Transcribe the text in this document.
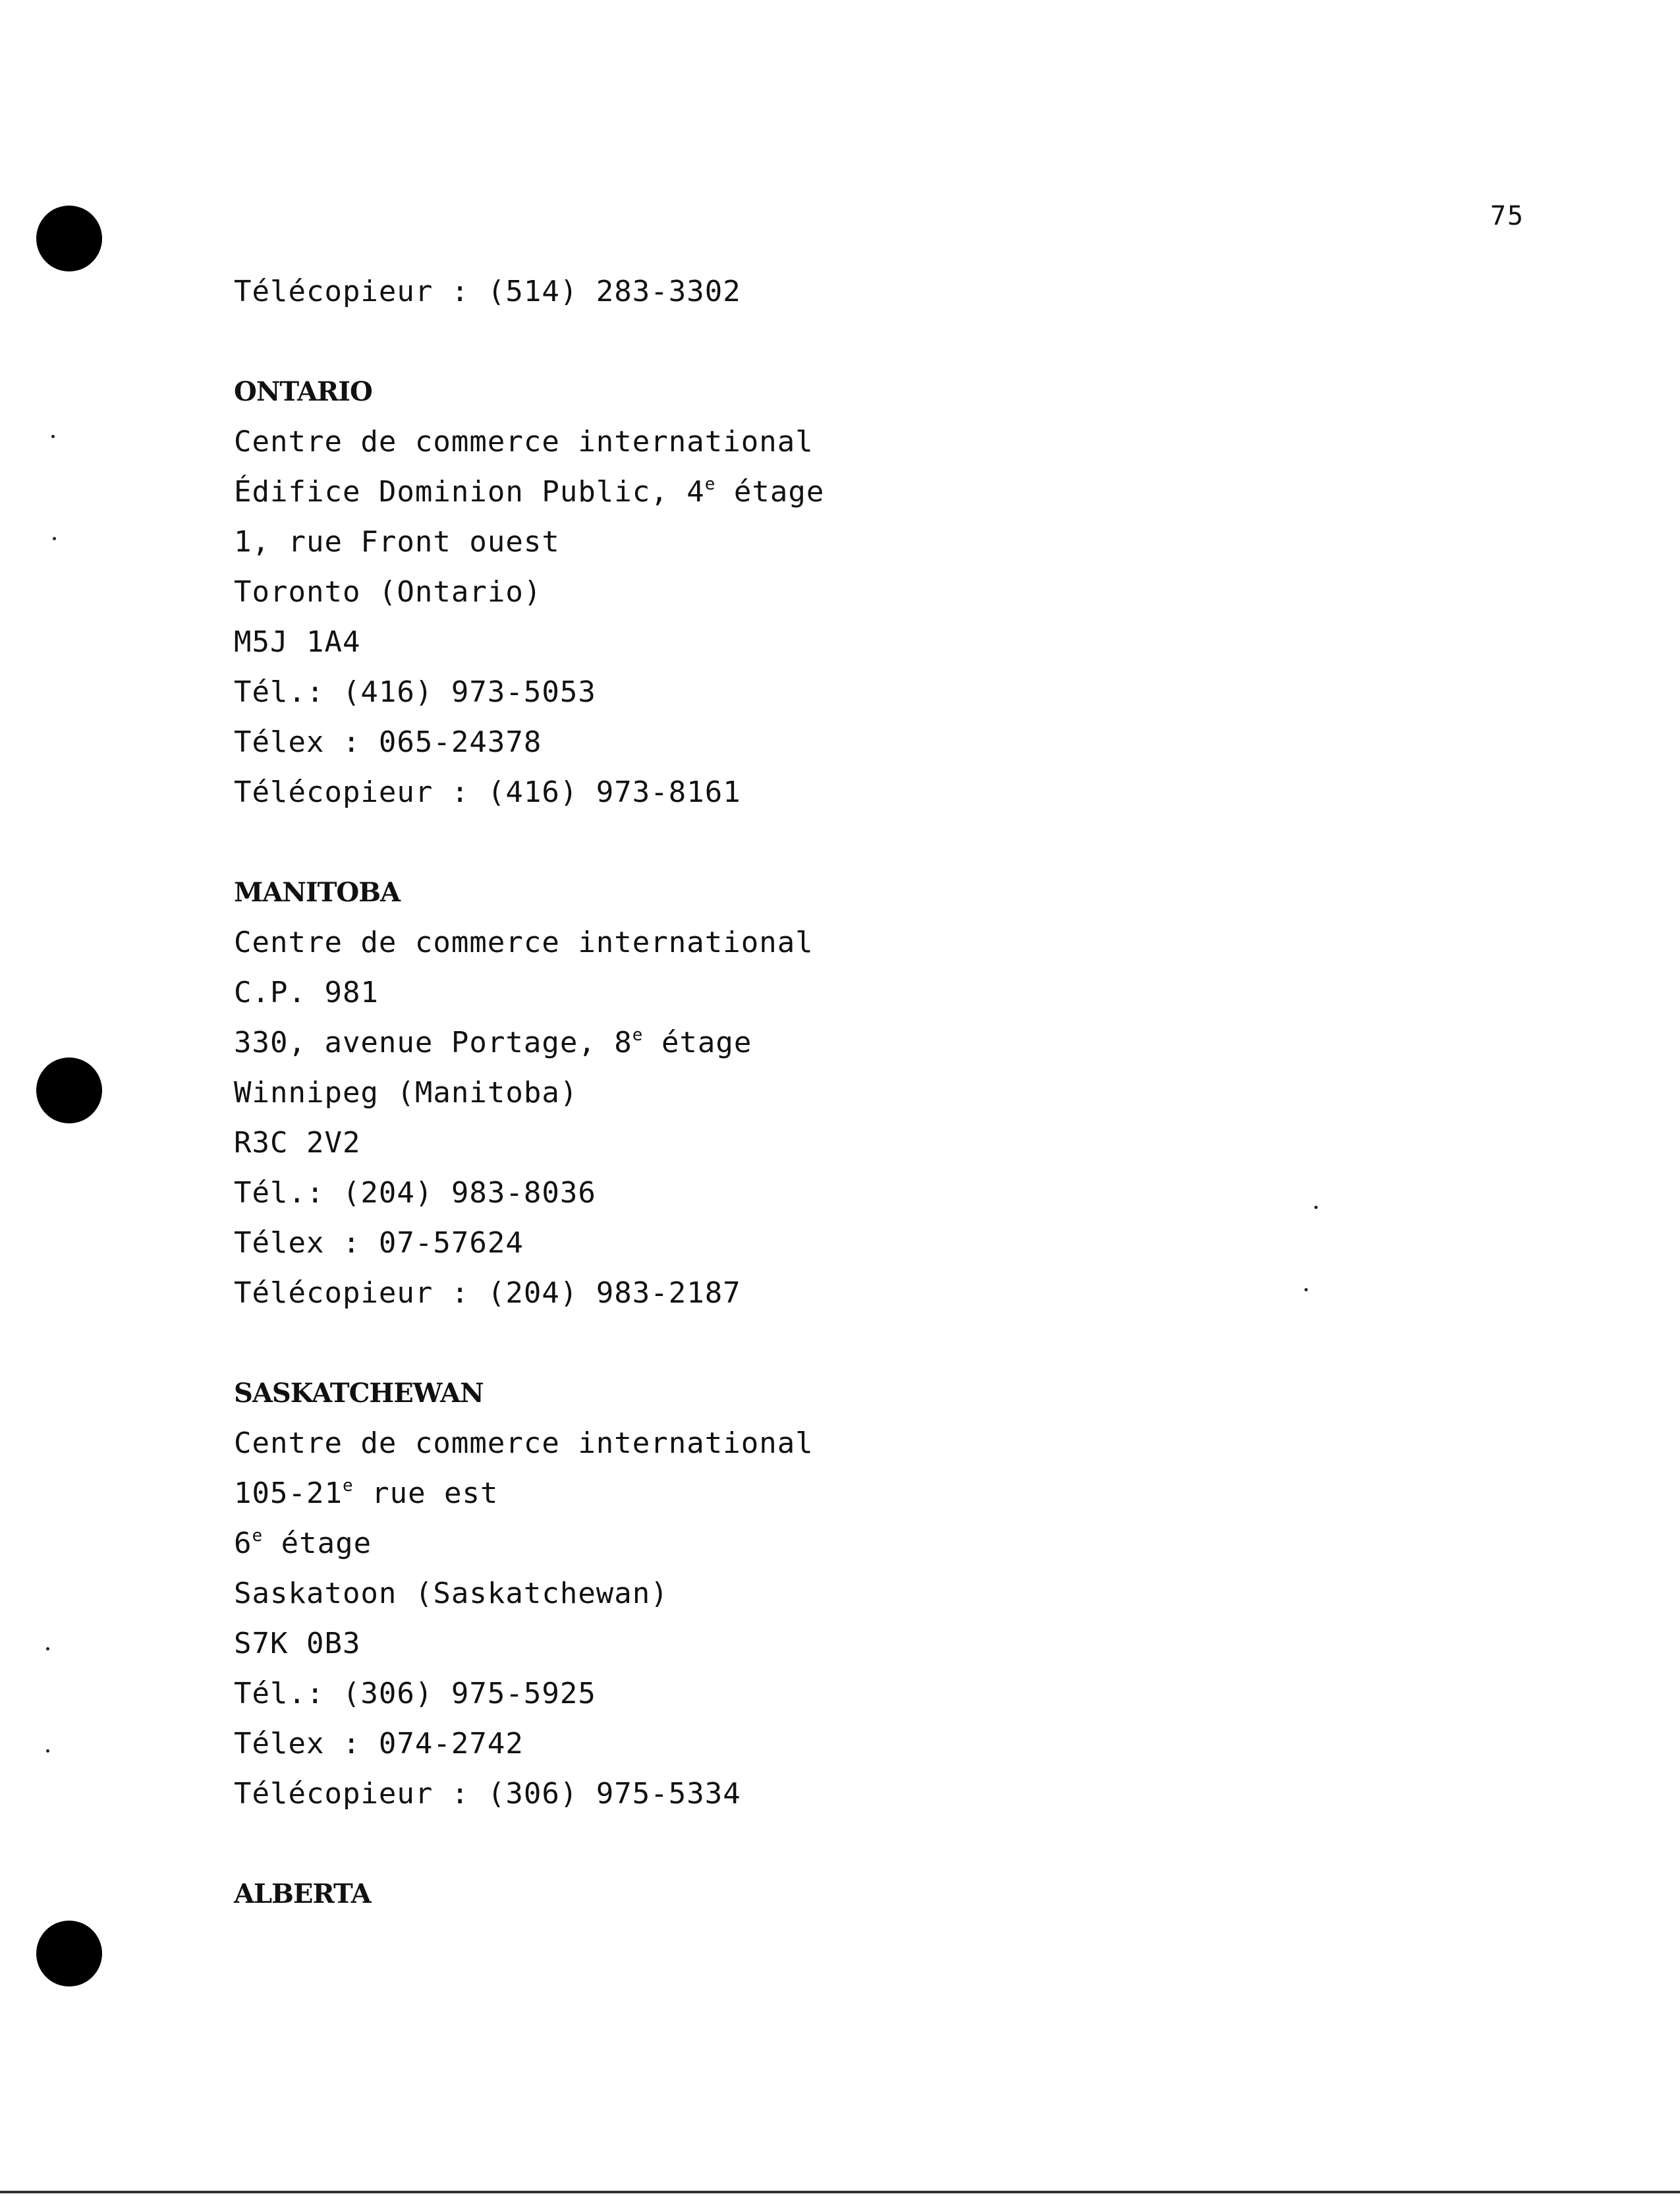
75
Télécopieur : (514) 283-3302
ONTARIO
Centre de commerce international
Édifice Dominion Public, 4e étage
1, rue Front ouest
Toronto (Ontario)
M5J 1A4
Tél.: (416) 973-5053
Télex : 065-24378
Télécopieur : (416) 973-8161
MANITOBA
Centre de commerce international
C.P. 981
330, avenue Portage, 8e étage
Winnipeg (Manitoba)
R3C 2V2
Tél.: (204) 983-8036
Télex : 07-57624
Télécopieur : (204) 983-2187
SASKATCHEWAN
Centre de commerce international
105-21e rue est
6e étage
Saskatoon (Saskatchewan)
S7K 0B3
Tél.: (306) 975-5925
Télex : 074-2742
Télécopieur : (306) 975-5334
ALBERTA
